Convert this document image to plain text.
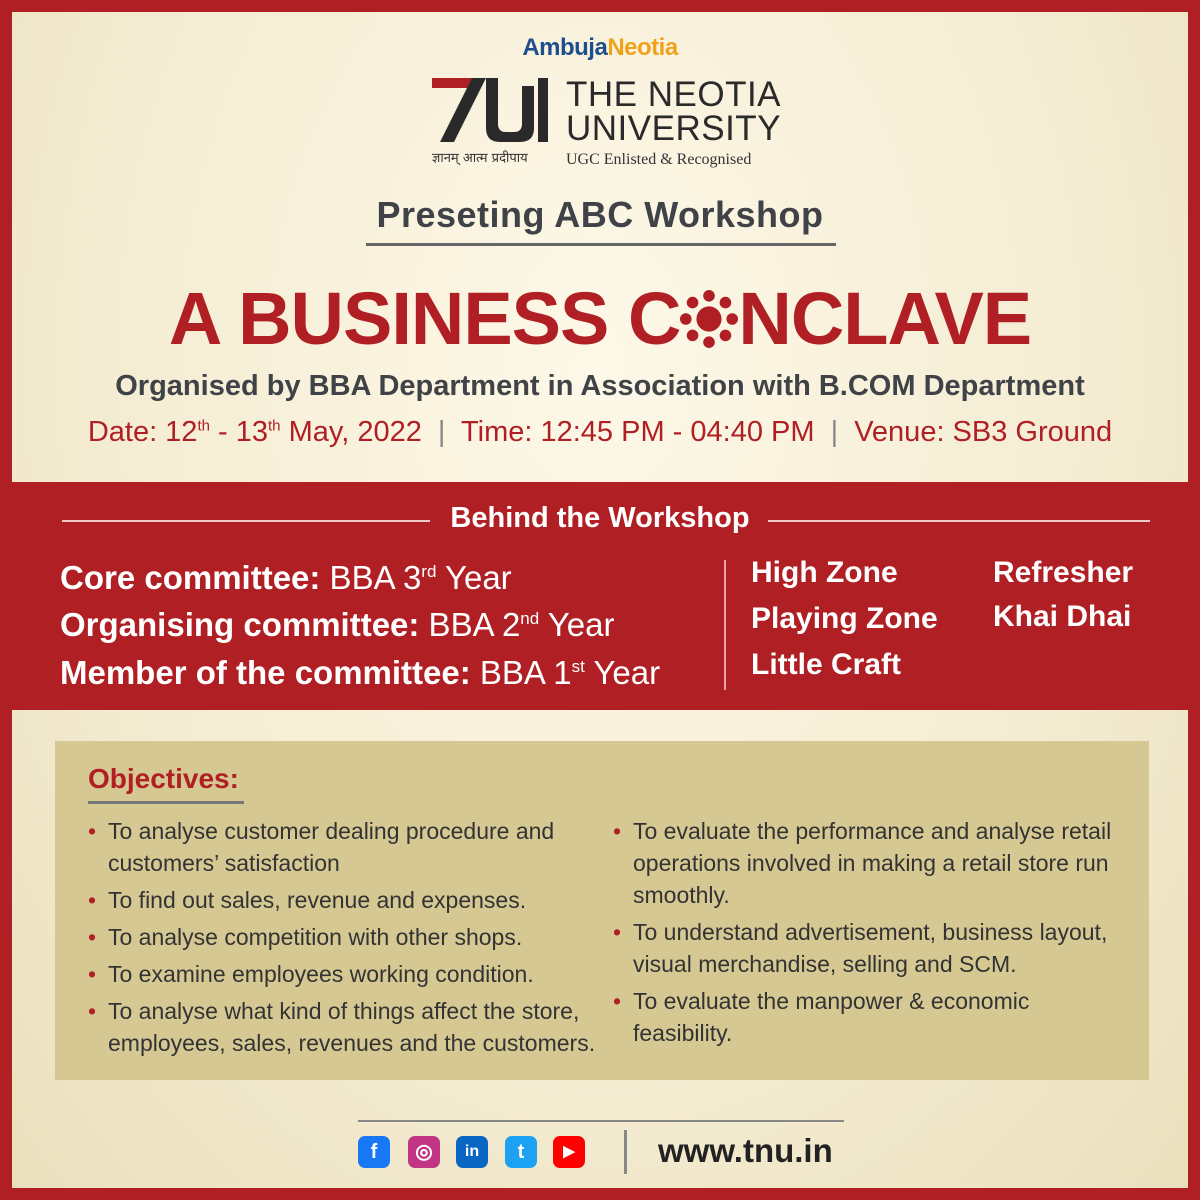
AmbujaNeotia
ज्ञानम् आत्म प्रदीपाय
THE NEOTIA
UNIVERSITY
UGC Enlisted & Recognised
Preseting ABC Workshop
A BUSINESS C NCLAVE
Organised by BBA Department in Association with B.COM Department
Date: 12th - 13th May, 2022 | Time: 12:45 PM - 04:40 PM | Venue: SB3 Ground
Behind the Workshop
Core committee: BBA 3rd Year
Organising committee: BBA 2nd Year
Member of the committee: BBA 1st Year
High Zone
Playing Zone
Little Craft
Refresher
Khai Dhai
Objectives:
• To analyse customer dealing procedure and customers’ satisfaction
• To find out sales, revenue and expenses.
• To analyse competition with other shops.
• To examine employees working condition.
• To analyse what kind of things affect the store, employees, sales, revenues and the customers.
• To evaluate the performance and analyse retail operations involved in making a retail store run smoothly.
• To understand advertisement, business layout, visual merchandise, selling and SCM.
• To evaluate the manpower & economic feasibility.
f	◎	in	t	▶	www.tnu.in
